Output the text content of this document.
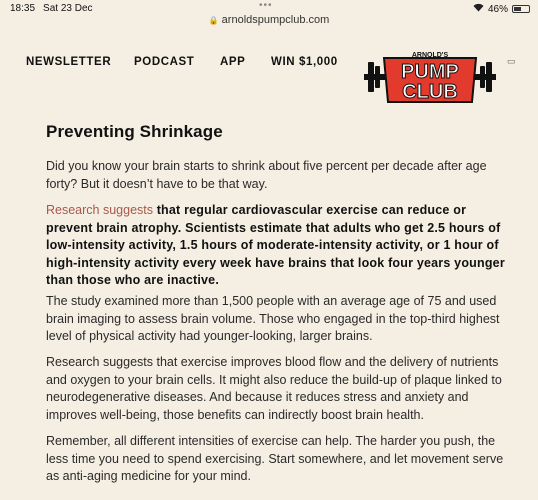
18:35 Sat 23 Dec	46%
•••
🔒 arnoldspumpclub.com
NEWSLETTER PODCAST APP WIN $1,000
ARNOLD'S
PUMP
CLUB
▭
Preventing Shrinkage

Did you know your brain starts to shrink about five percent per decade after age forty? But it doesn’t have to be that way.

Research suggests that regular cardiovascular exercise can reduce or prevent brain atrophy. Scientists estimate that adults who get 2.5 hours of low-intensity activity, 1.5 hours of moderate-intensity activity, or 1 hour of high-intensity activity every week have brains that look four years younger than those who are inactive.

The study examined more than 1,500 people with an average age of 75 and used brain imaging to assess brain volume. Those who engaged in the top-third highest level of physical activity had younger-looking, larger brains.

Research suggests that exercise improves blood flow and the delivery of nutrients and oxygen to your brain cells. It might also reduce the build-up of plaque linked to neurodegenerative diseases. And because it reduces stress and anxiety and improves well-being, those benefits can indirectly boost brain health.

Remember, all different intensities of exercise can help. The harder you push, the less time you need to spend exercising. Start somewhere, and let movement serve as anti-aging medicine for your mind.
